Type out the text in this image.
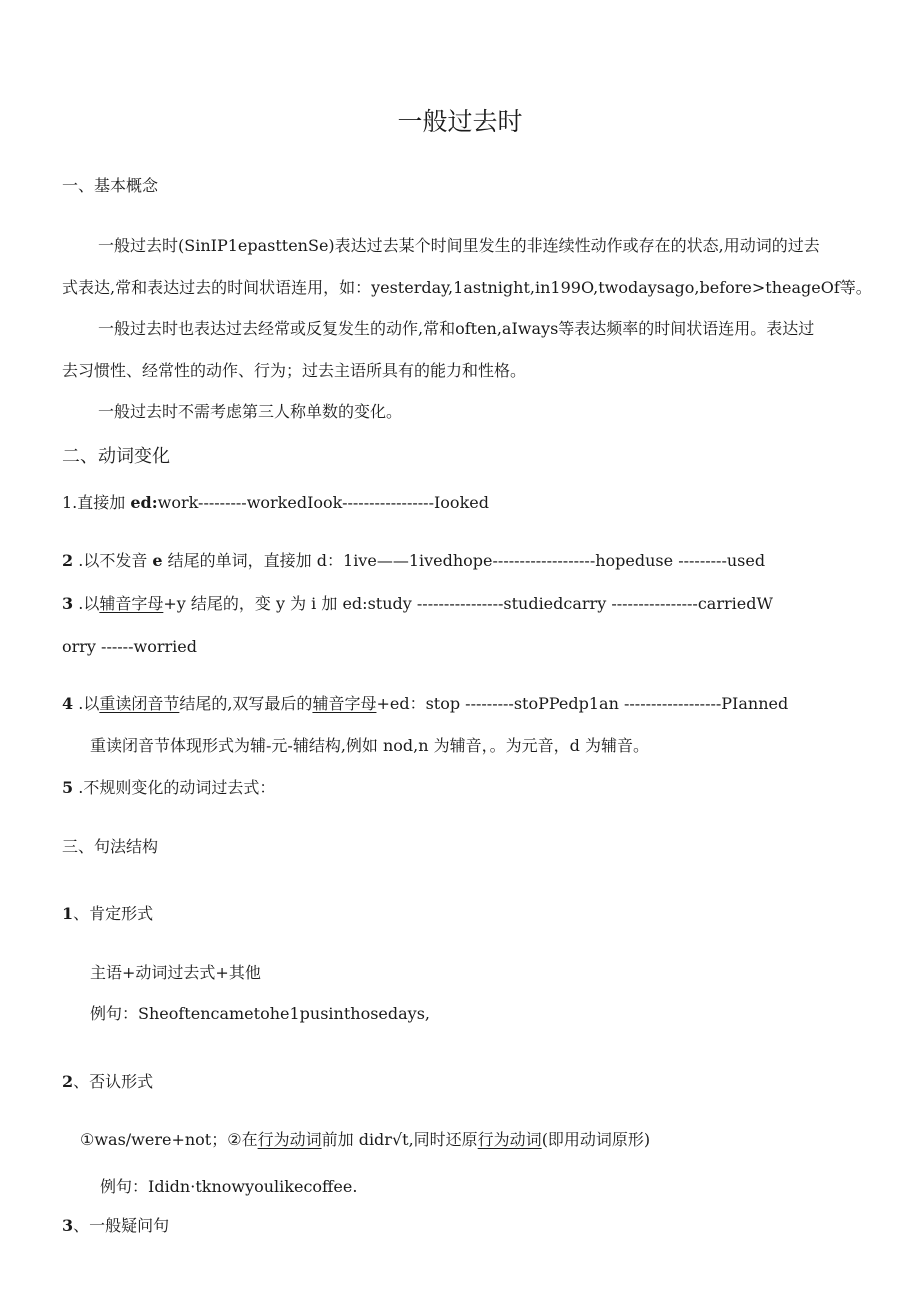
一般过去时
一、基本概念
一般过去时(SinIP1epasttenSe)表达过去某个时间里发生的非连续性动作或存在的状态,用动词的过去
式表达,常和表达过去的时间状语连用，如：yesterday,1astnight,in199O,twodaysago,before>theageOf等。
一般过去时也表达过去经常或反复发生的动作,常和often,aIways等表达频率的时间状语连用。表达过
去习惯性、经常性的动作、行为；过去主语所具有的能力和性格。
一般过去时不需考虑第三人称单数的变化。
二、动词变化
1.直接加 ed:work---------workedIook-----------------Iooked
2 .以不发音 e 结尾的单词，直接加 d：1ive——1ivedhope-------------------hopeduse ---------used
3 .以辅音字母+y 结尾的，变 y 为 i 加 ed:study ----------------studiedcarry ----------------carriedW
orry ------worried
4 .以重读闭音节结尾的,双写最后的辅音字母+ed：stop ---------stoPPedp1an ------------------PIanned
重读闭音节体现形式为辅-元-辅结构,例如 nod,n 为辅音，。为元音，d 为辅音。
5 .不规则变化的动词过去式：
三、句法结构
1、肯定形式
主语+动词过去式+其他
例句：Sheoftencametohe1pusinthosedays,
2、否认形式
①was/were+not；②在行为动词前加 didr√t,同时还原行为动词(即用动词原形)
例句：Ididn·tknowyoulikecoffee.
3、一般疑问句
